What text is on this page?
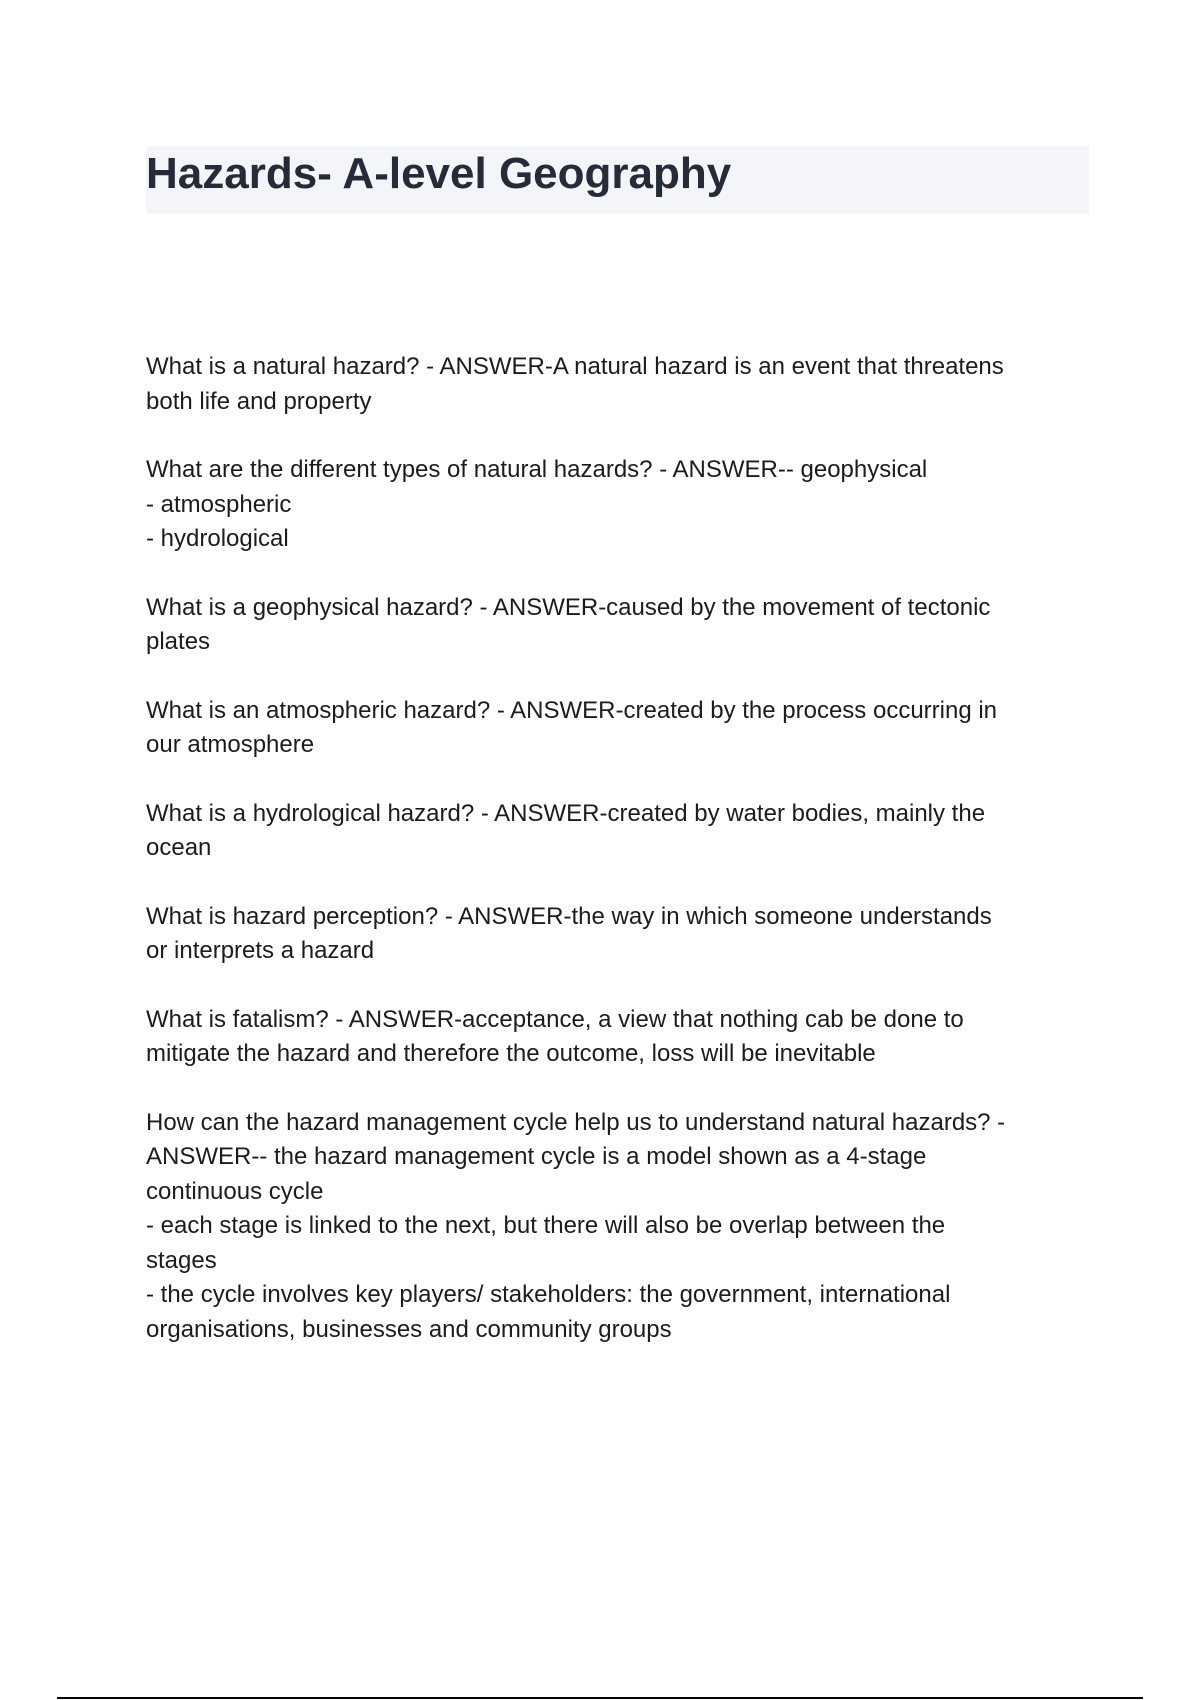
Hazards- A-level Geography

What is a natural hazard? - ANSWER-A natural hazard is an event that threatens
both life and property

What are the different types of natural hazards? - ANSWER-- geophysical
- atmospheric
- hydrological

What is a geophysical hazard? - ANSWER-caused by the movement of tectonic
plates

What is an atmospheric hazard? - ANSWER-created by the process occurring in
our atmosphere

What is a hydrological hazard? - ANSWER-created by water bodies, mainly the
ocean

What is hazard perception? - ANSWER-the way in which someone understands
or interprets a hazard

What is fatalism? - ANSWER-acceptance, a view that nothing cab be done to
mitigate the hazard and therefore the outcome, loss will be inevitable

How can the hazard management cycle help us to understand natural hazards? -
ANSWER-- the hazard management cycle is a model shown as a 4-stage
continuous cycle
- each stage is linked to the next, but there will also be overlap between the
stages
- the cycle involves key players/ stakeholders: the government, international
organisations, businesses and community groups
